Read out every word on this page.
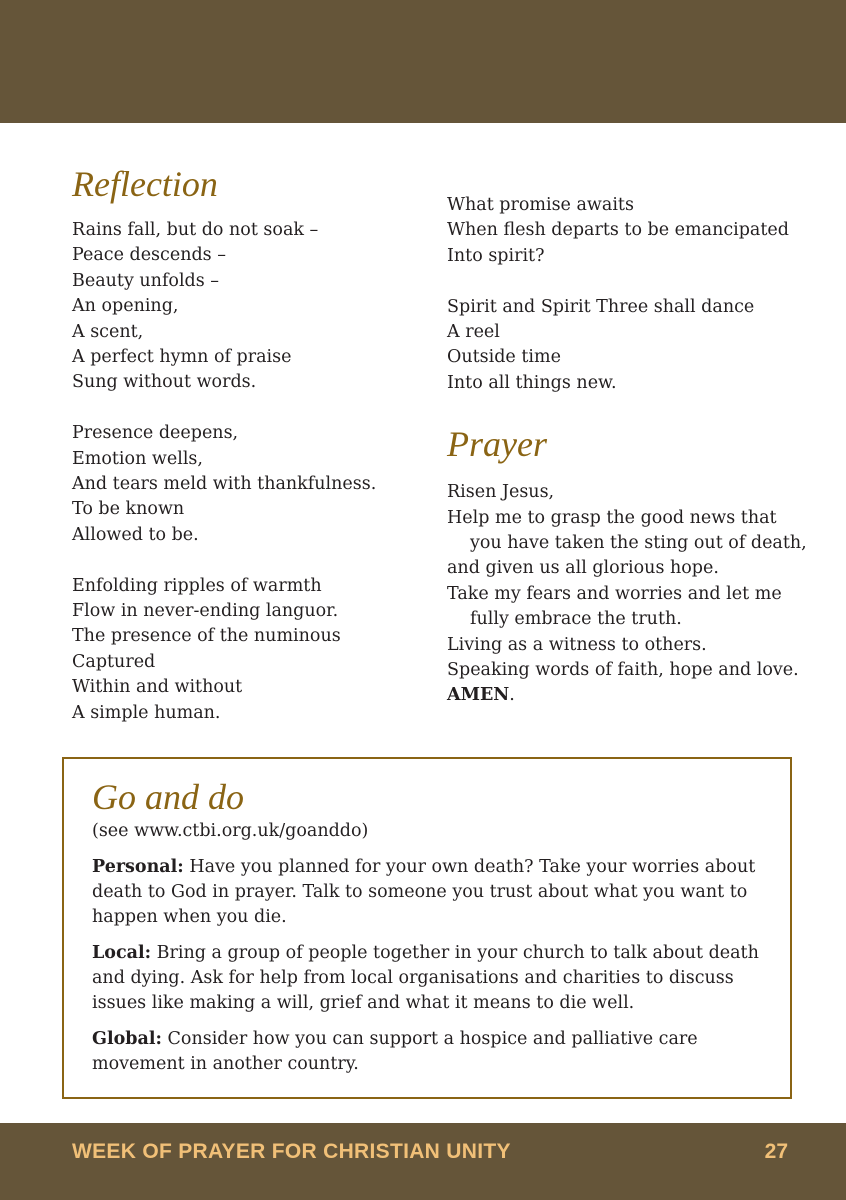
Reflection
Rains fall, but do not soak –
Peace descends –
Beauty unfolds –
An opening,
A scent,
A perfect hymn of praise
Sung without words.
Presence deepens,
Emotion wells,
And tears meld with thankfulness.
To be known
Allowed to be.
Enfolding ripples of warmth
Flow in never-ending languor.
The presence of the numinous
Captured
Within and without
A simple human.
What promise awaits
When flesh departs to be emancipated
Into spirit?
Spirit and Spirit Three shall dance
A reel
Outside time
Into all things new.
Prayer
Risen Jesus,
Help me to grasp the good news that
you have taken the sting out of death,
and given us all glorious hope.
Take my fears and worries and let me
fully embrace the truth.
Living as a witness to others.
Speaking words of faith, hope and love.
AMEN.
Go and do

(see www.ctbi.org.uk/goanddo)

Personal: Have you planned for your own death? Take your worries about death to God in prayer. Talk to someone you trust about what you want to happen when you die.

Local: Bring a group of people together in your church to talk about death and dying. Ask for help from local organisations and charities to discuss issues like making a will, grief and what it means to die well.

Global: Consider how you can support a hospice and palliative care movement in another country.

WEEK OF PRAYER FOR CHRISTIAN UNITY	27
